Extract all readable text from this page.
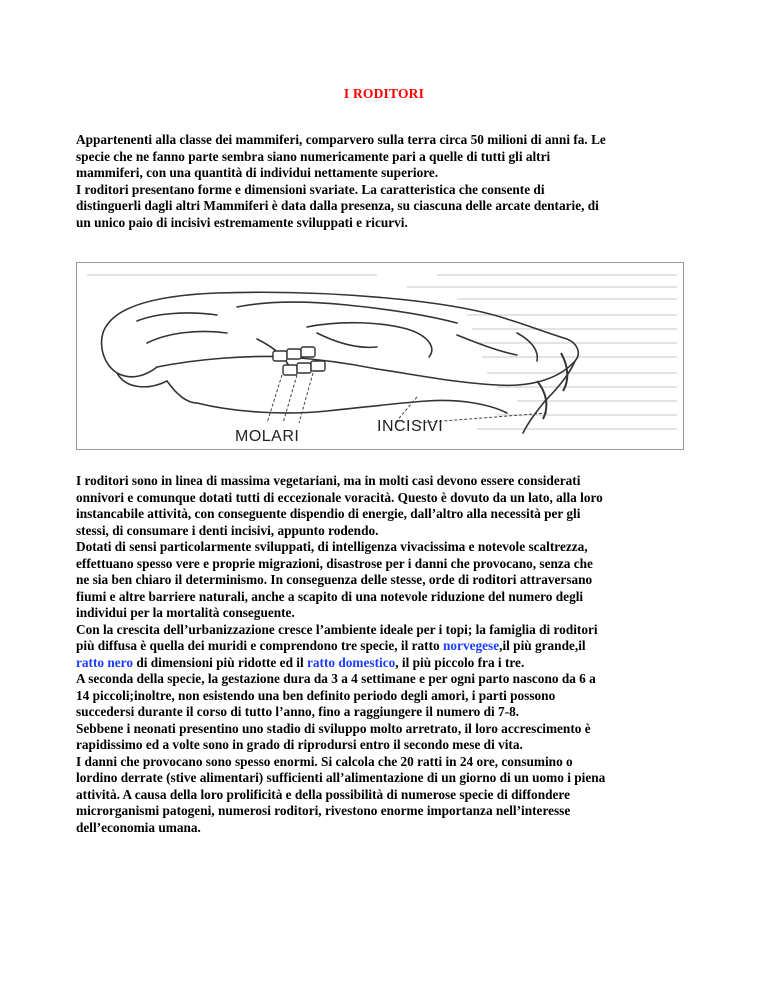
I RODITORI
Appartenenti alla classe dei mammiferi, comparvero sulla terra circa 50 milioni di anni fa. Le
specie che ne fanno parte sembra siano numericamente pari a quelle di tutti gli altri
mammiferi, con una quantità di individui nettamente superiore.
I roditori presentano forme e dimensioni svariate. La caratteristica che consente di
distinguerli dagli altri Mammiferi è data dalla presenza, su ciascuna delle arcate dentarie, di
un unico paio di incisivi estremamente sviluppati e ricurvi.
MOLARI
INCISIVI
I roditori sono in linea di massima vegetariani, ma in molti casi devono essere considerati
onnivori e comunque dotati tutti di eccezionale voracità. Questo è dovuto da un lato, alla loro
instancabile attività, con conseguente dispendio di energie, dall’altro alla necessità per gli
stessi, di consumare i denti incisivi, appunto rodendo.
Dotati di sensi particolarmente sviluppati, di intelligenza vivacissima e notevole scaltrezza,
effettuano spesso vere e proprie migrazioni, disastrose per i danni che provocano, senza che
ne sia ben chiaro il determinismo. In conseguenza delle stesse, orde di roditori attraversano
fiumi e altre barriere naturali, anche a scapito di una notevole riduzione del numero degli
individui per la mortalità conseguente.
Con la crescita dell’urbanizzazione cresce l’ambiente ideale per i topi; la famiglia di roditori
più diffusa è quella dei muridi e comprendono tre specie, il ratto norvegese,il più grande,il
ratto nero di dimensioni più ridotte ed il ratto domestico, il più piccolo fra i tre.
A seconda della specie, la gestazione dura da 3 a 4 settimane e per ogni parto nascono da 6 a
14 piccoli;inoltre, non esistendo una ben definito periodo degli amori, i parti possono
succedersi durante il corso di tutto l’anno, fino a raggiungere il numero di 7-8.
Sebbene i neonati presentino uno stadio di sviluppo molto arretrato, il loro accrescimento è
rapidissimo ed a volte sono in grado di riprodursi entro il secondo mese di vita.
I danni che provocano sono spesso enormi. Si calcola che 20 ratti in 24 ore, consumino o
lordino derrate (stive alimentari) sufficienti all’alimentazione di un giorno di un uomo i piena
attività. A causa della loro prolificità e della possibilità di numerose specie di diffondere
microrganismi patogeni, numerosi roditori, rivestono enorme importanza nell’interesse
dell’economia umana.
